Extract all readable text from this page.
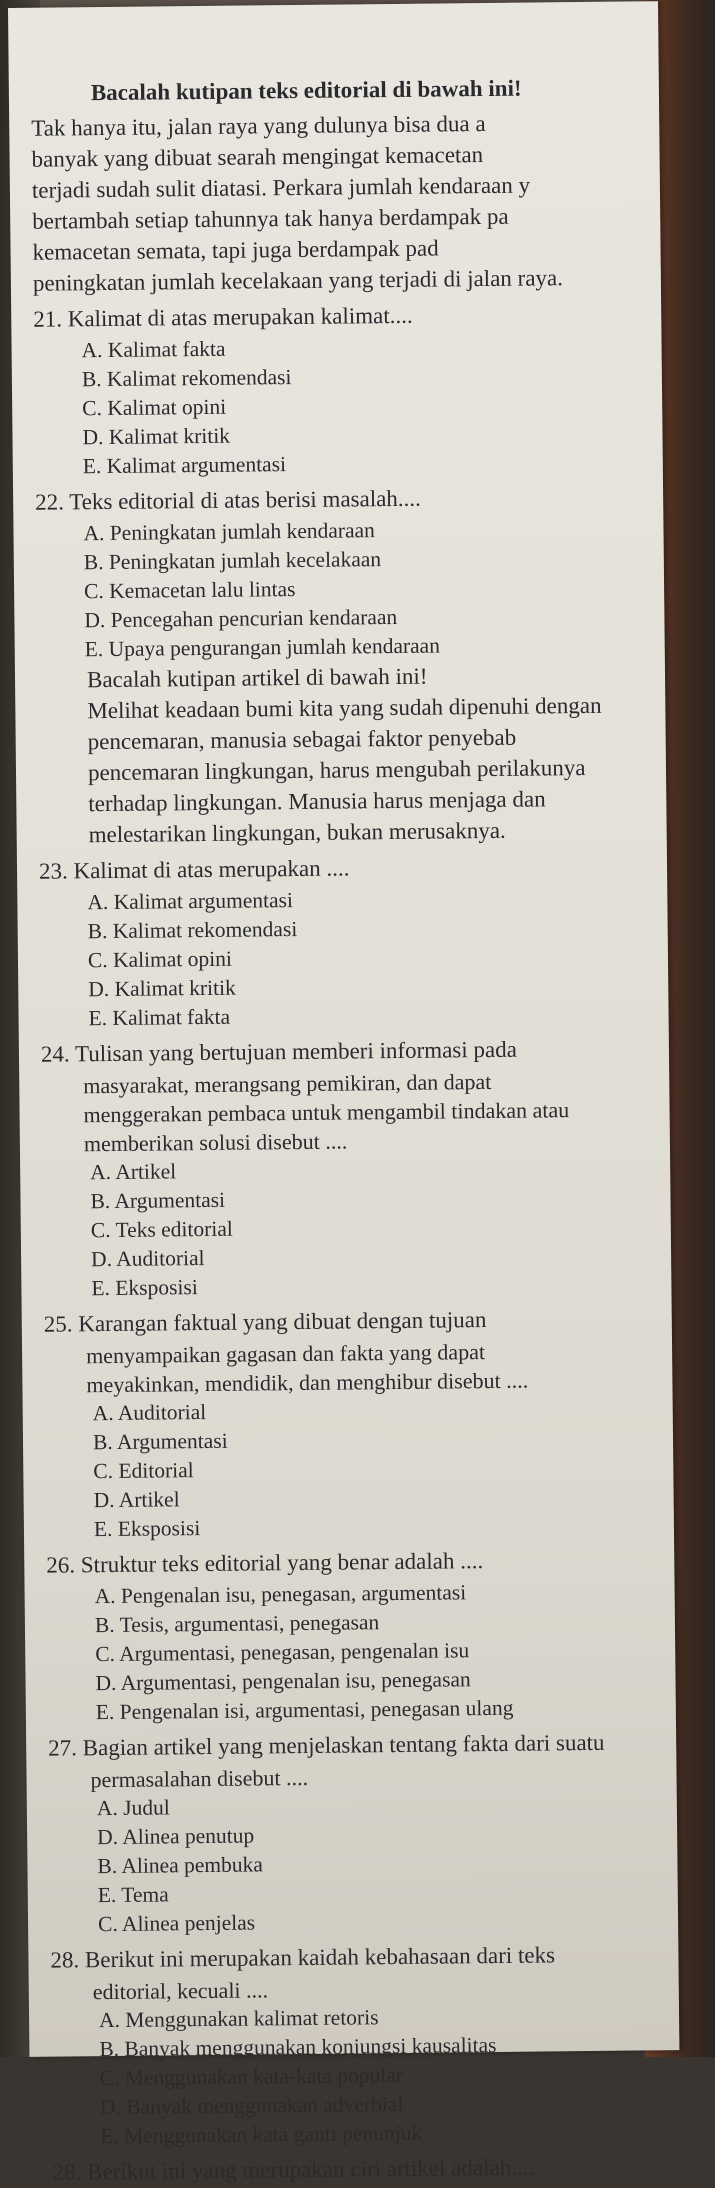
Bacalah kutipan teks editorial di bawah ini!

Tak hanya itu, jalan raya yang dulunya bisa dua a

banyak yang dibuat searah mengingat kemacetan

terjadi sudah sulit diatasi. Perkara jumlah kendaraan y

bertambah setiap tahunnya tak hanya berdampak pa

kemacetan semata, tapi juga berdampak pad

peningkatan jumlah kecelakaan yang terjadi di jalan raya.

21. Kalimat di atas merupakan kalimat....
A. Kalimat fakta
B. Kalimat rekomendasi
C. Kalimat opini
D. Kalimat kritik
E. Kalimat argumentasi
22. Teks editorial di atas berisi masalah....
A. Peningkatan jumlah kendaraan
B. Peningkatan jumlah kecelakaan
C. Kemacetan lalu lintas
D. Pencegahan pencurian kendaraan
E. Upaya pengurangan jumlah kendaraan

Bacalah kutipan artikel di bawah ini!

Melihat keadaan bumi kita yang sudah dipenuhi dengan

pencemaran, manusia sebagai faktor penyebab

pencemaran lingkungan, harus mengubah perilakunya

terhadap lingkungan. Manusia harus menjaga dan

melestarikan lingkungan, bukan merusaknya.

23. Kalimat di atas merupakan ....
A. Kalimat argumentasi
B. Kalimat rekomendasi
C. Kalimat opini
D. Kalimat kritik
E. Kalimat fakta
24. Tulisan yang bertujuan memberi informasi pada
masyarakat, merangsang pemikiran, dan dapat
menggerakan pembaca untuk mengambil tindakan atau
memberikan solusi disebut ....
A. Artikel
B. Argumentasi
C. Teks editorial
D. Auditorial
E. Eksposisi
25. Karangan faktual yang dibuat dengan tujuan
menyampaikan gagasan dan fakta yang dapat
meyakinkan, mendidik, dan menghibur disebut ....
A. Auditorial
B. Argumentasi
C. Editorial
D. Artikel
E. Eksposisi
26. Struktur teks editorial yang benar adalah ....
A. Pengenalan isu, penegasan, argumentasi
B. Tesis, argumentasi, penegasan
C. Argumentasi, penegasan, pengenalan isu
D. Argumentasi, pengenalan isu, penegasan
E. Pengenalan isi, argumentasi, penegasan ulang
27. Bagian artikel yang menjelaskan tentang fakta dari suatu
permasalahan disebut ....
A. Judul
D. Alinea penutup
B. Alinea pembuka
E. Tema
C. Alinea penjelas
28. Berikut ini merupakan kaidah kebahasaan dari teks
editorial, kecuali ....
A. Menggunakan kalimat retoris
B. Banyak menggunakan konjungsi kausalitas
C. Menggunakan kata-kata popular
D. Banyak menggunakan adverbial
E. Menggunakan kata ganti penunjuk
28. Berikut ini yang merupakan ciri artikel adalah....
